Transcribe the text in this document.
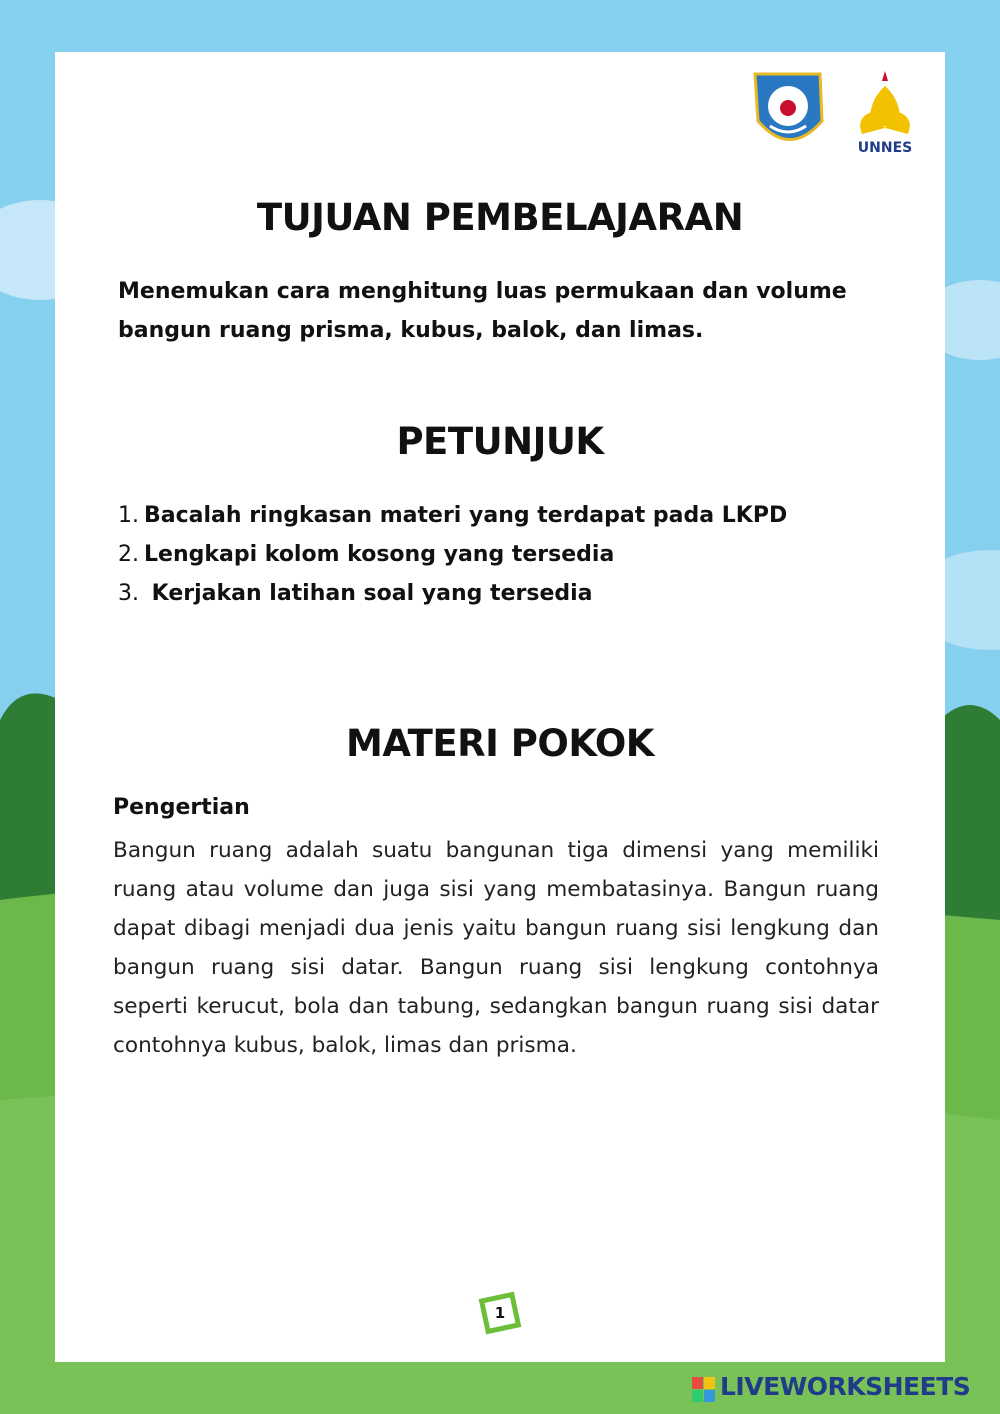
UNNES
TUJUAN PEMBELAJARAN
Menemukan cara menghitung luas permukaan dan volume
bangun ruang prisma, kubus, balok, dan limas.
PETUNJUK
1. Bacalah ringkasan materi yang terdapat pada LKPD
2. Lengkapi kolom kosong yang tersedia
3. Kerjakan latihan soal yang tersedia
MATERI POKOK
Pengertian
Bangun ruang adalah suatu bangunan tiga dimensi yang memiliki ruang atau volume dan juga sisi yang membatasinya. Bangun ruang dapat dibagi menjadi dua jenis yaitu bangun ruang sisi lengkung dan bangun ruang sisi datar. Bangun ruang sisi lengkung contohnya seperti kerucut, bola dan tabung, sedangkan bangun ruang sisi datar contohnya kubus, balok, limas dan prisma.
1
LIVEWORKSHEETS
